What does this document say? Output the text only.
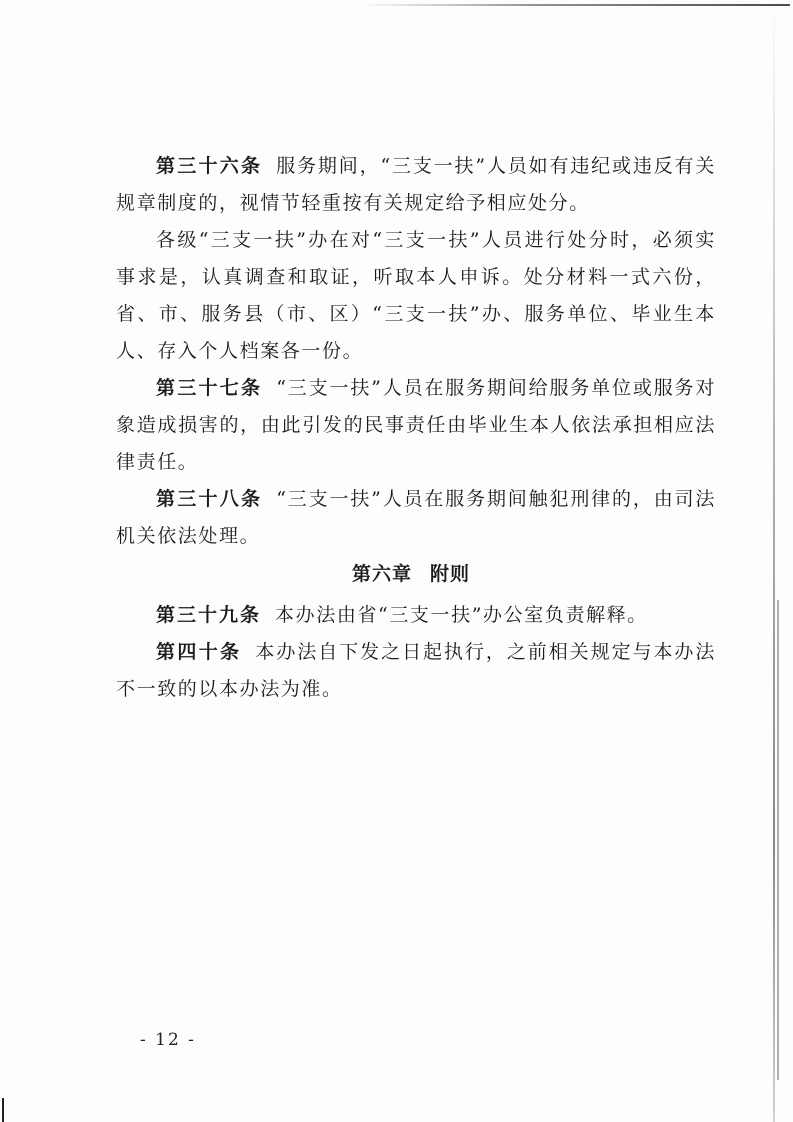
第三十六条 服务期间，“三支一扶”人员如有违纪或违反有关规章制度的，视情节轻重按有关规定给予相应处分。

各级“三支一扶”办在对“三支一扶”人员进行处分时，必须实事求是，认真调查和取证，听取本人申诉。处分材料一式六份，省、市、服务县（市、区）“三支一扶”办、服务单位、毕业生本人、存入个人档案各一份。

第三十七条 “三支一扶”人员在服务期间给服务单位或服务对象造成损害的，由此引发的民事责任由毕业生本人依法承担相应法律责任。

第三十八条 “三支一扶”人员在服务期间触犯刑律的，由司法机关依法处理。

第六章 附则

第三十九条 本办法由省“三支一扶”办公室负责解释。

第四十条 本办法自下发之日起执行，之前相关规定与本办法不一致的以本办法为准。

- 12 -
